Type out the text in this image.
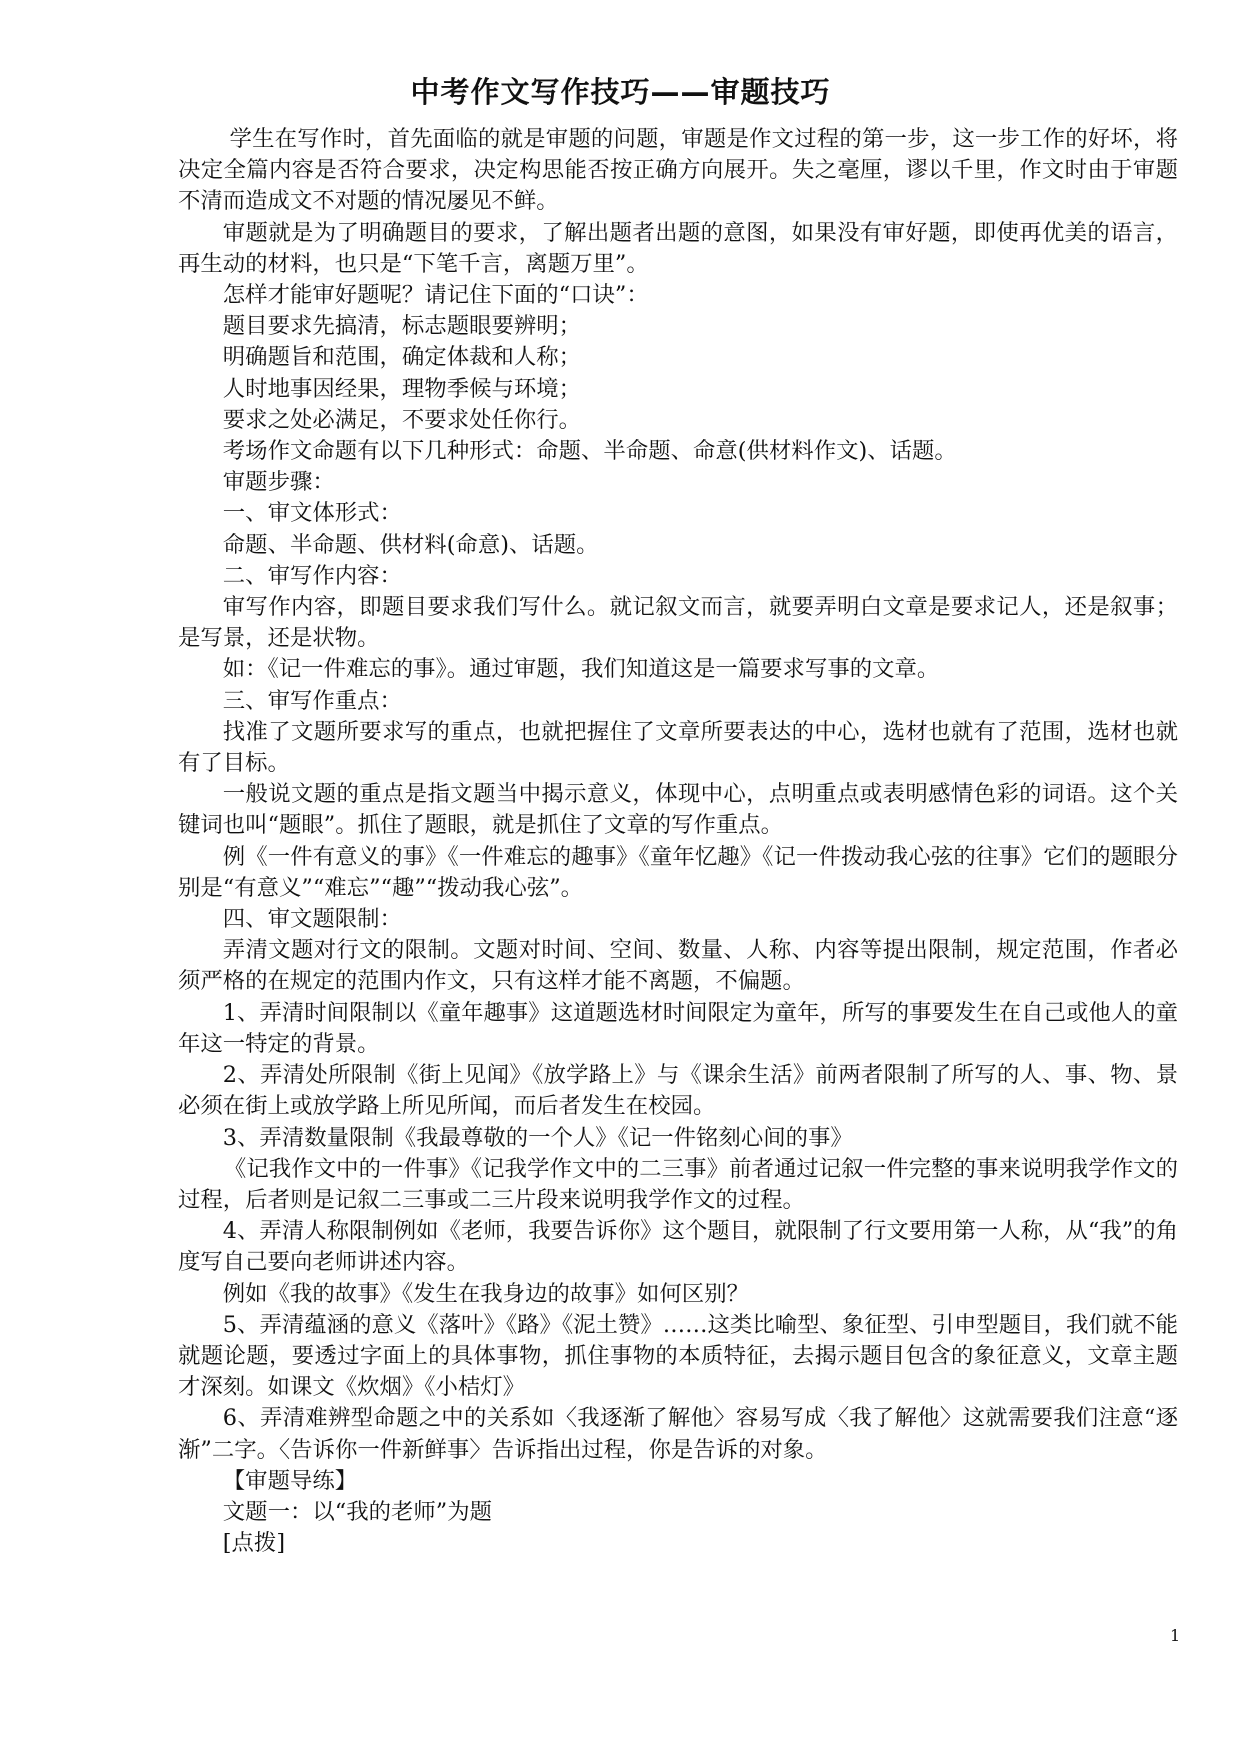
中考作文写作技巧——审题技巧

学生在写作时，首先面临的就是审题的问题，审题是作文过程的第一步，这一步工作的好坏，将决定全篇内容是否符合要求，决定构思能否按正确方向展开。失之毫厘，谬以千里，作文时由于审题不清而造成文不对题的情况屡见不鲜。

审题就是为了明确题目的要求，了解出题者出题的意图，如果没有审好题，即使再优美的语言，再生动的材料，也只是“下笔千言，离题万里”。

怎样才能审好题呢？请记住下面的“口诀”：

题目要求先搞清，标志题眼要辨明；

明确题旨和范围，确定体裁和人称；

人时地事因经果，理物季候与环境；

要求之处必满足，不要求处任你行。

考场作文命题有以下几种形式：命题、半命题、命意(供材料作文)、话题。

审题步骤：

一、审文体形式：

命题、半命题、供材料(命意)、话题。

二、审写作内容：

审写作内容，即题目要求我们写什么。就记叙文而言，就要弄明白文章是要求记人，还是叙事；是写景，还是状物。

如：《记一件难忘的事》。通过审题，我们知道这是一篇要求写事的文章。

三、审写作重点：

找准了文题所要求写的重点，也就把握住了文章所要表达的中心，选材也就有了范围，选材也就有了目标。

一般说文题的重点是指文题当中揭示意义，体现中心，点明重点或表明感情色彩的词语。这个关键词也叫“题眼”。抓住了题眼，就是抓住了文章的写作重点。

例《一件有意义的事》《一件难忘的趣事》《童年忆趣》《记一件拨动我心弦的往事》它们的题眼分别是“有意义”“难忘”“趣”“拨动我心弦”。

四、审文题限制：

弄清文题对行文的限制。文题对时间、空间、数量、人称、内容等提出限制，规定范围，作者必须严格的在规定的范围内作文，只有这样才能不离题，不偏题。

1、弄清时间限制以《童年趣事》这道题选材时间限定为童年，所写的事要发生在自己或他人的童年这一特定的背景。

2、弄清处所限制《街上见闻》《放学路上》与《课余生活》前两者限制了所写的人、事、物、景必须在街上或放学路上所见所闻，而后者发生在校园。

3、弄清数量限制《我最尊敬的一个人》《记一件铭刻心间的事》

《记我作文中的一件事》《记我学作文中的二三事》前者通过记叙一件完整的事来说明我学作文的过程，后者则是记叙二三事或二三片段来说明我学作文的过程。

4、弄清人称限制例如《老师，我要告诉你》这个题目，就限制了行文要用第一人称，从“我”的角度写自己要向老师讲述内容。

例如《我的故事》《发生在我身边的故事》如何区别？

5、弄清蕴涵的意义《落叶》《路》《泥土赞》……这类比喻型、象征型、引申型题目，我们就不能就题论题，要透过字面上的具体事物，抓住事物的本质特征，去揭示题目包含的象征意义，文章主题才深刻。如课文《炊烟》《小桔灯》

6、弄清难辨型命题之中的关系如〈我逐渐了解他〉容易写成〈我了解他〉这就需要我们注意“逐渐”二字。〈告诉你一件新鲜事〉告诉指出过程，你是告诉的对象。

【审题导练】

文题一：以“我的老师”为题

[点拨]

1
